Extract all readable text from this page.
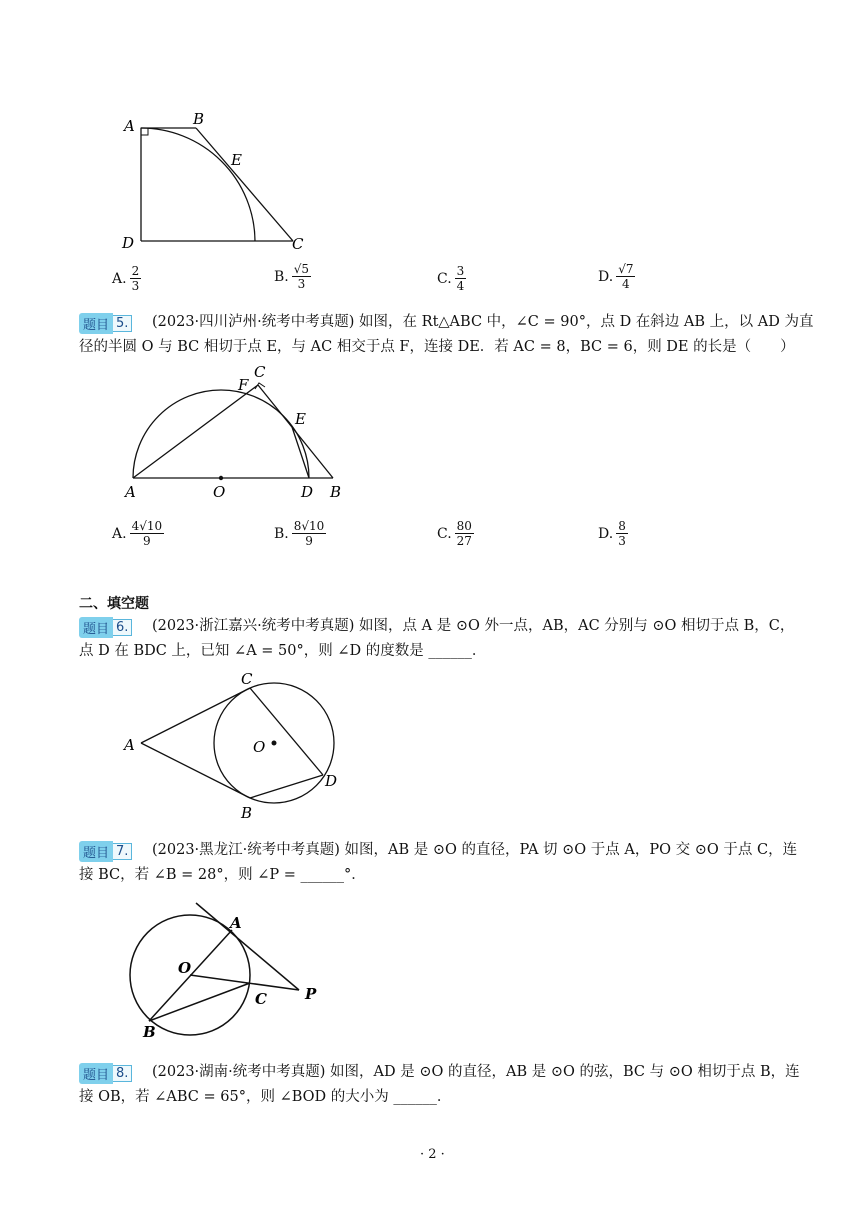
A	B
E
D	C
A. $\frac{2}{3}$	B. $\frac{√5}{3}$	C. $\frac{3}{4}$	D. $\frac{√7}{4}$
题目 5. (2023·四川泸州·统考中考真题) 如图，在 Rt△ABC 中，∠C = 90°，点 D 在斜边 AB 上，以 AD 为直
径的半圆 O 与 BC 相切于点 E，与 AC 相交于点 F，连接 DE．若 AC = 8，BC = 6，则 DE 的长是（　　）
A	O	D B
C
F
E
A. $\frac{4√10}{9}$	B. $\frac{8√10}{9}$	C. $\frac{80}{27}$	D. $\frac{8}{3}$
二、填空题
题目 6. (2023·浙江嘉兴·统考中考真题) 如图，点 A 是 ⊙O 外一点，AB，AC 分别与 ⊙O 相切于点 B，C，
点 D 在 BDC 上，已知 ∠A = 50°，则 ∠D 的度数是 ______．
A
C
B
D
O
题目 7. (2023·黑龙江·统考中考真题) 如图，AB 是 ⊙O 的直径，PA 切 ⊙O 于点 A，PO 交 ⊙O 于点 C，连
接 BC，若 ∠B = 28°，则 ∠P = ______°．
A
O
C	P
B
题目 8. (2023·湖南·统考中考真题) 如图，AD 是 ⊙O 的直径，AB 是 ⊙O 的弦，BC 与 ⊙O 相切于点 B，连
接 OB，若 ∠ABC = 65°，则 ∠BOD 的大小为 ______．
· 2 ·
